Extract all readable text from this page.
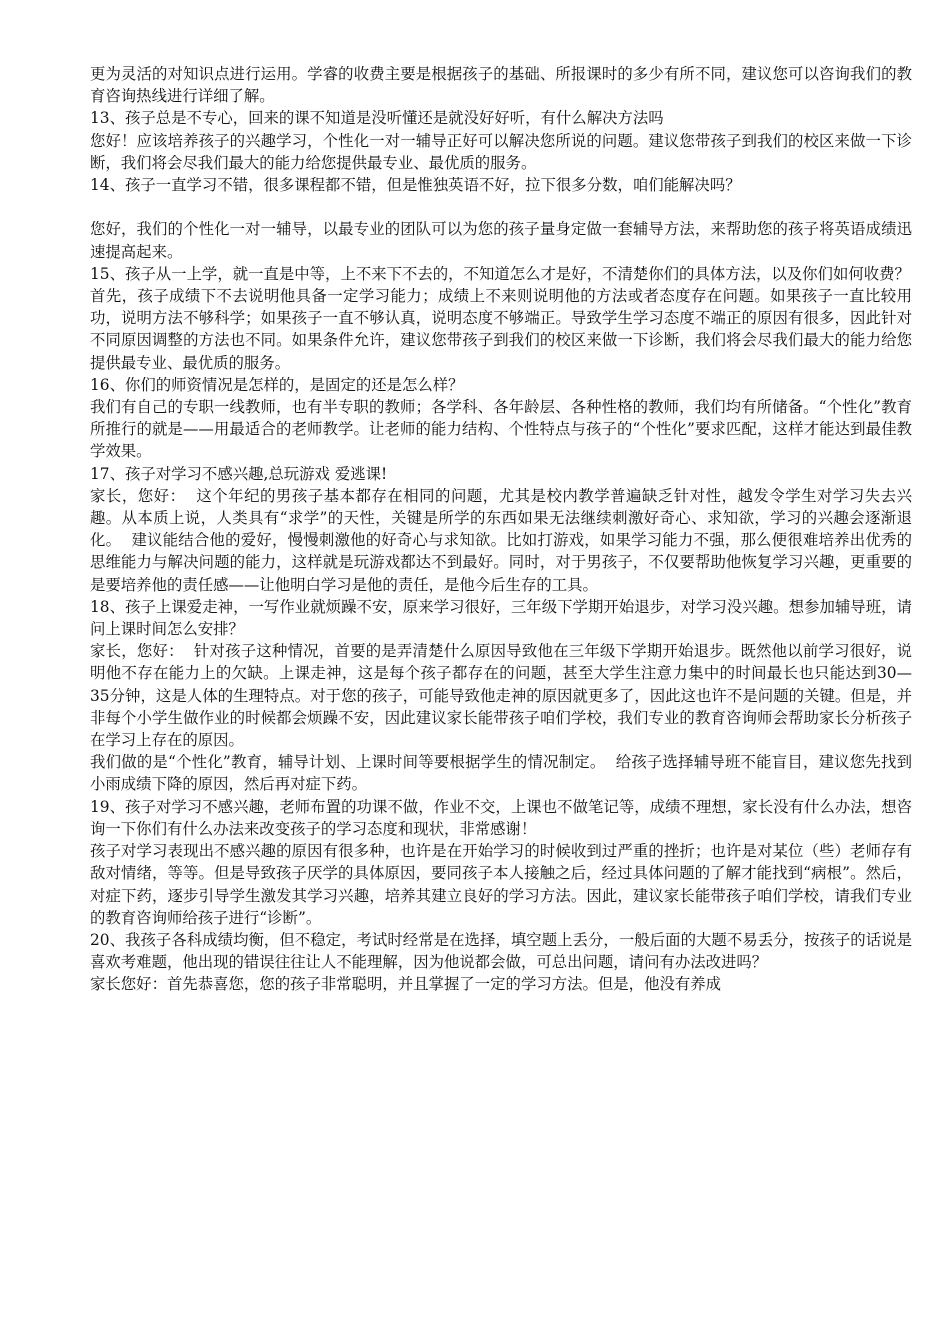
更为灵活的对知识点进行运用。学睿的收费主要是根据孩子的基础、所报课时的多少有所不同，建议您可以咨询我们的教育咨询热线进行详细了解。

13、孩子总是不专心，回来的课不知道是没听懂还是就没好好听，有什么解决方法吗

您好！应该培养孩子的兴趣学习，个性化一对一辅导正好可以解决您所说的问题。建议您带孩子到我们的校区来做一下诊断，我们将会尽我们最大的能力给您提供最专业、最优质的服务。

14、孩子一直学习不错，很多课程都不错，但是惟独英语不好，拉下很多分数，咱们能解决吗？

您好，我们的个性化一对一辅导，以最专业的团队可以为您的孩子量身定做一套辅导方法，来帮助您的孩子将英语成绩迅速提高起来。

15、孩子从一上学，就一直是中等，上不来下不去的，不知道怎么才是好，不清楚你们的具体方法，以及你们如何收费？

首先，孩子成绩下不去说明他具备一定学习能力；成绩上不来则说明他的方法或者态度存在问题。如果孩子一直比较用功，说明方法不够科学；如果孩子一直不够认真，说明态度不够端正。导致学生学习态度不端正的原因有很多，因此针对不同原因调整的方法也不同。如果条件允许，建议您带孩子到我们的校区来做一下诊断，我们将会尽我们最大的能力给您提供最专业、最优质的服务。

16、你们的师资情况是怎样的，是固定的还是怎么样？

我们有自己的专职一线教师，也有半专职的教师；各学科、各年龄层、各种性格的教师，我们均有所储备。“个性化”教育所推行的就是——用最适合的老师教学。让老师的能力结构、个性特点与孩子的“个性化”要求匹配，这样才能达到最佳教学效果。

17、孩子对学习不感兴趣,总玩游戏 爱逃课!

家长，您好：  这个年纪的男孩子基本都存在相同的问题，尤其是校内教学普遍缺乏针对性，越发令学生对学习失去兴趣。从本质上说，人类具有“求学”的天性，关键是所学的东西如果无法继续刺激好奇心、求知欲，学习的兴趣会逐渐退化。  建议能结合他的爱好，慢慢刺激他的好奇心与求知欲。比如打游戏，如果学习能力不强，那么便很难培养出优秀的思维能力与解决问题的能力，这样就是玩游戏都达不到最好。同时，对于男孩子，不仅要帮助他恢复学习兴趣，更重要的是要培养他的责任感——让他明白学习是他的责任，是他今后生存的工具。

18、孩子上课爱走神，一写作业就烦躁不安，原来学习很好，三年级下学期开始退步，对学习没兴趣。想参加辅导班，请问上课时间怎么安排？

家长，您好：  针对孩子这种情况，首要的是弄清楚什么原因导致他在三年级下学期开始退步。既然他以前学习很好，说明他不存在能力上的欠缺。上课走神，这是每个孩子都存在的问题，甚至大学生注意力集中的时间最长也只能达到30—35分钟，这是人体的生理特点。对于您的孩子，可能导致他走神的原因就更多了，因此这也许不是问题的关键。但是，并非每个小学生做作业的时候都会烦躁不安，因此建议家长能带孩子咱们学校，我们专业的教育咨询师会帮助家长分析孩子在学习上存在的原因。

我们做的是“个性化”教育，辅导计划、上课时间等要根据学生的情况制定。  给孩子选择辅导班不能盲目，建议您先找到小雨成绩下降的原因，然后再对症下药。

19、孩子对学习不感兴趣，老师布置的功课不做，作业不交，上课也不做笔记等，成绩不理想，家长没有什么办法，想咨询一下你们有什么办法来改变孩子的学习态度和现状，非常感谢！

孩子对学习表现出不感兴趣的原因有很多种，也许是在开始学习的时候收到过严重的挫折；也许是对某位（些）老师存有敌对情绪，等等。但是导致孩子厌学的具体原因，要同孩子本人接触之后，经过具体问题的了解才能找到“病根”。然后，对症下药，逐步引导学生激发其学习兴趣，培养其建立良好的学习方法。因此，建议家长能带孩子咱们学校，请我们专业的教育咨询师给孩子进行“诊断”。

20、我孩子各科成绩均衡，但不稳定，考试时经常是在选择，填空题上丢分，一般后面的大题不易丢分，按孩子的话说是喜欢考难题，他出现的错误往往让人不能理解，因为他说都会做，可总出问题，请问有办法改进吗？

家长您好：首先恭喜您，您的孩子非常聪明，并且掌握了一定的学习方法。但是，他没有养成
